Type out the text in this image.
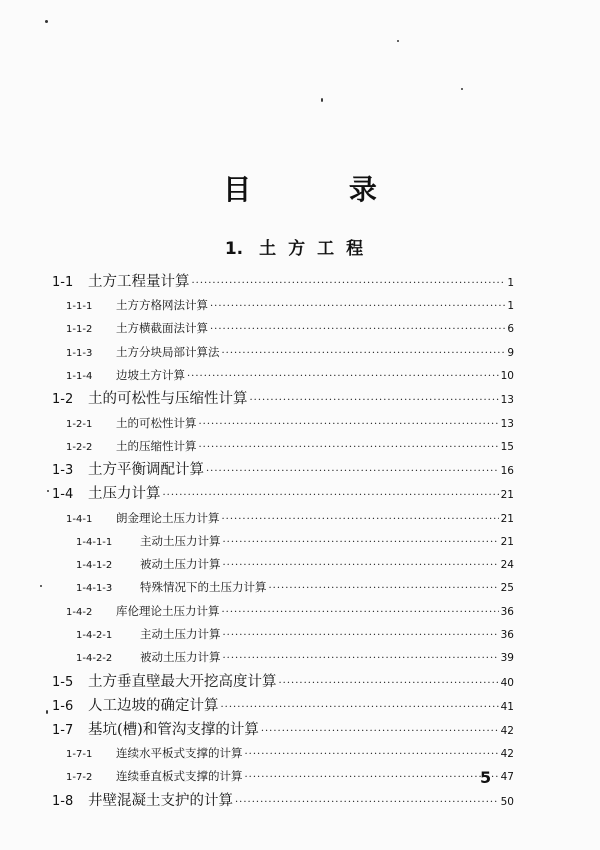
目 录
1. 土方工程
1-1	土方工程量计算 ·····	1
1-1-1	土方方格网法计算 ·····	1
1-1-2	土方横截面法计算 ·····	6
1-1-3	土方分块局部计算法 ·····	9
1-1-4	边坡土方计算 ·····	10
1-2	土的可松性与压缩性计算 ·····	13
1-2-1	土的可松性计算 ·····	13
1-2-2	土的压缩性计算 ·····	15
1-3	土方平衡调配计算 ·····	16
1-4	土压力计算 ·····	21
1-4-1	朗金理论土压力计算 ·····	21
1-4-1-1	主动土压力计算 ·····	21
1-4-1-2	被动土压力计算 ·····	24
1-4-1-3	特殊情况下的土压力计算 ·····	25
1-4-2	库伦理论土压力计算 ·····	36
1-4-2-1	主动土压力计算 ·····	36
1-4-2-2	被动土压力计算 ·····	39
1-5	土方垂直壁最大开挖高度计算 ·····	40
1-6	人工边坡的确定计算 ·····	41
1-7	基坑(槽)和管沟支撑的计算 ·····	42
1-7-1	连续水平板式支撑的计算 ·····	42
1-7-2	连续垂直板式支撑的计算 ·····	47
1-8	井壁混凝土支护的计算 ·····	50
5
